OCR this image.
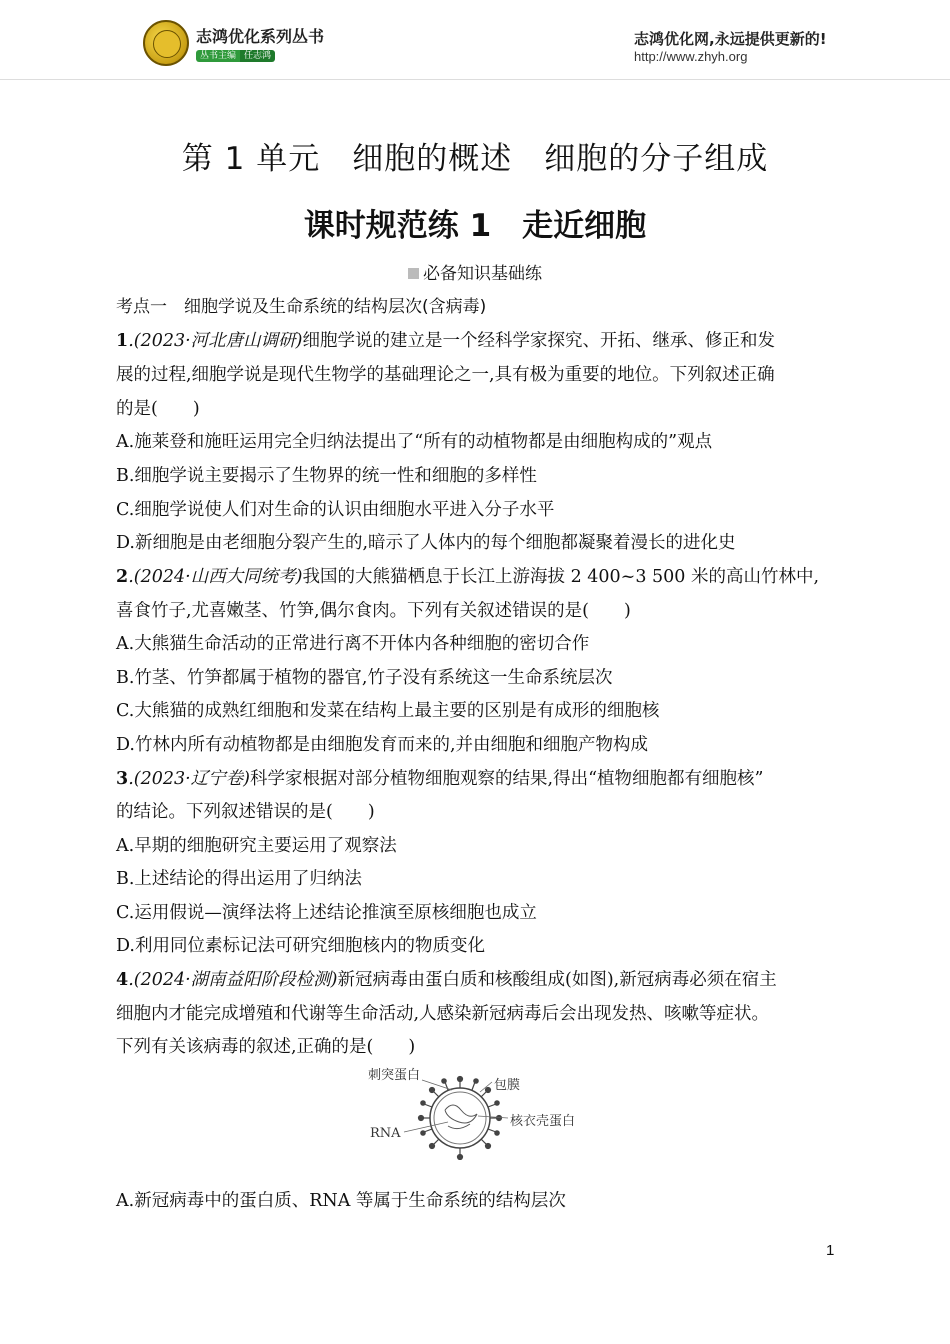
志鸿优化系列丛书
丛书主编 任志鸿
志鸿优化网,永远提供更新的!
http://www.zhyh.org
第 1 单元　细胞的概述　细胞的分子组成
课时规范练 1　走近细胞
必备知识基础练
考点一　细胞学说及生命系统的结构层次(含病毒)
1.(2023·河北唐山调研)细胞学说的建立是一个经科学家探究、开拓、继承、修正和发
展的过程,细胞学说是现代生物学的基础理论之一,具有极为重要的地位。下列叙述正确
的是(　　)
A.施莱登和施旺运用完全归纳法提出了“所有的动植物都是由细胞构成的”观点
B.细胞学说主要揭示了生物界的统一性和细胞的多样性
C.细胞学说使人们对生命的认识由细胞水平进入分子水平
D.新细胞是由老细胞分裂产生的,暗示了人体内的每个细胞都凝聚着漫长的进化史
2.(2024·山西大同统考)我国的大熊猫栖息于长江上游海拔 2 400~3 500 米的高山竹林中,
喜食竹子,尤喜嫩茎、竹笋,偶尔食肉。下列有关叙述错误的是(　　)
A.大熊猫生命活动的正常进行离不开体内各种细胞的密切合作
B.竹茎、竹笋都属于植物的器官,竹子没有系统这一生命系统层次
C.大熊猫的成熟红细胞和发菜在结构上最主要的区别是有成形的细胞核
D.竹林内所有动植物都是由细胞发育而来的,并由细胞和细胞产物构成
3.(2023·辽宁卷)科学家根据对部分植物细胞观察的结果,得出“植物细胞都有细胞核”
的结论。下列叙述错误的是(　　)
A.早期的细胞研究主要运用了观察法
B.上述结论的得出运用了归纳法
C.运用假说—演绎法将上述结论推演至原核细胞也成立
D.利用同位素标记法可研究细胞核内的物质变化
4.(2024·湖南益阳阶段检测)新冠病毒由蛋白质和核酸组成(如图),新冠病毒必须在宿主
细胞内才能完成增殖和代谢等生命活动,人感染新冠病毒后会出现发热、咳嗽等症状。
下列有关该病毒的叙述,正确的是(　　)
刺突蛋白
包膜
RNA
核衣壳蛋白
A.新冠病毒中的蛋白质、RNA 等属于生命系统的结构层次
1
